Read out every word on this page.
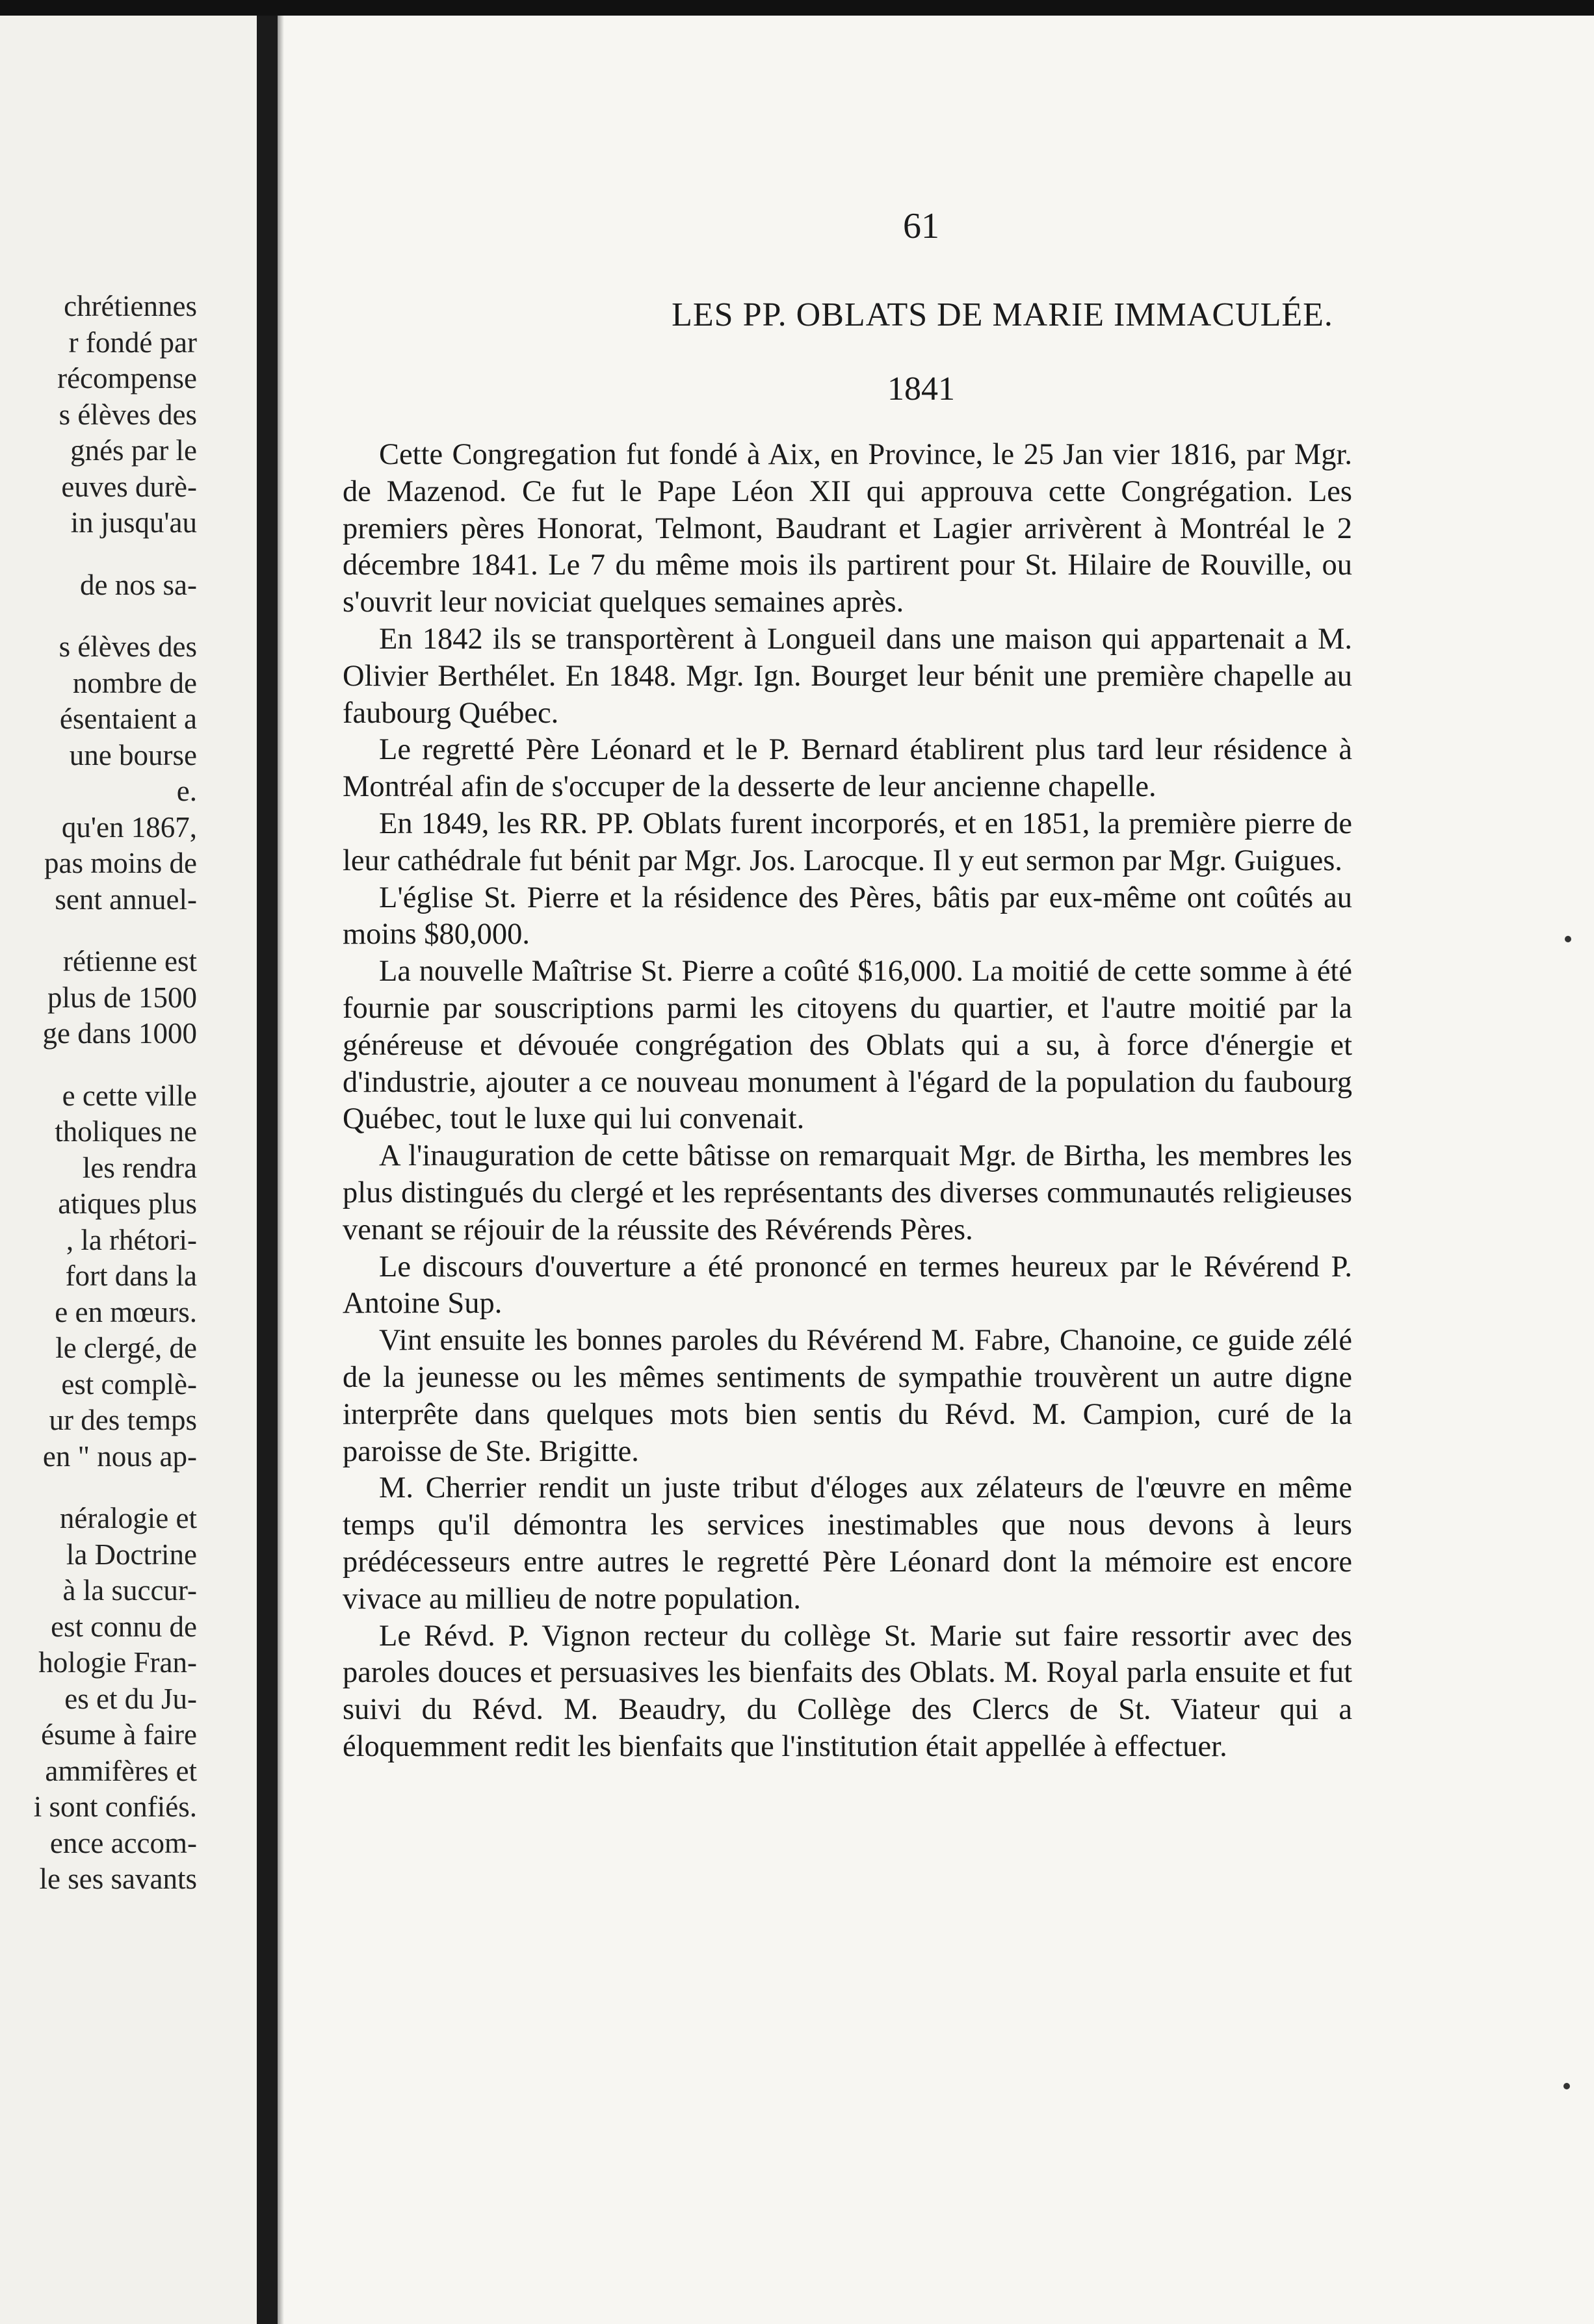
chrétiennes
r fondé par
récompense
s élèves des
gnés par le
euves durè-
in jusqu'au
de nos sa-
s élèves des
nombre de
ésentaient a
une bourse
e.
qu'en 1867,
pas moins de
sent annuel-
rétienne est
plus de 1500
ge dans 1000
e cette ville
tholiques ne
les rendra
atiques plus
, la rhétori-
fort dans la
e en mœurs.
le clergé, de
est complè-
ur des temps
en " nous ap-
néralogie et
la Doctrine
à la succur-
est connu de
hologie Fran-
es et du Ju-
ésume à faire
ammifères et
i sont confiés.
ence accom-
le ses savants
61
LES PP. OBLATS DE MARIE IMMACULÉE.
1841

Cette Congregation fut fondé à Aix, en Province, le 25 Jan vier 1816, par Mgr. de Mazenod. Ce fut le Pape Léon XII qui approuva cette Congrégation. Les premiers pères Honorat, Telmont, Baudrant et Lagier arrivèrent à Montréal le 2 décembre 1841. Le 7 du même mois ils partirent pour St. Hilaire de Rouville, ou s'ouvrit leur noviciat quelques semaines après.

En 1842 ils se transportèrent à Longueil dans une maison qui appartenait a M. Olivier Berthélet. En 1848. Mgr. Ign. Bourget leur bénit une première chapelle au faubourg Québec.

Le regretté Père Léonard et le P. Bernard établirent plus tard leur résidence à Montréal afin de s'occuper de la desserte de leur ancienne chapelle.

En 1849, les RR. PP. Oblats furent incorporés, et en 1851, la première pierre de leur cathédrale fut bénit par Mgr. Jos. Larocque. Il y eut sermon par Mgr. Guigues.

L'église St. Pierre et la résidence des Pères, bâtis par eux-même ont coûtés au moins $80,000.

La nouvelle Maîtrise St. Pierre a coûté $16,000. La moitié de cette somme à été fournie par souscriptions parmi les citoyens du quartier, et l'autre moitié par la généreuse et dévouée congrégation des Oblats qui a su, à force d'énergie et d'industrie, ajouter a ce nouveau monument à l'égard de la population du faubourg Québec, tout le luxe qui lui convenait.

A l'inauguration de cette bâtisse on remarquait Mgr. de Birtha, les membres les plus distingués du clergé et les représentants des diverses communautés religieuses venant se réjouir de la réussite des Révérends Pères.

Le discours d'ouverture a été prononcé en termes heureux par le Révérend P. Antoine Sup.

Vint ensuite les bonnes paroles du Révérend M. Fabre, Chanoine, ce guide zélé de la jeunesse ou les mêmes sentiments de sympathie trouvèrent un autre digne interprête dans quelques mots bien sentis du Révd. M. Campion, curé de la paroisse de Ste. Brigitte.

M. Cherrier rendit un juste tribut d'éloges aux zélateurs de l'œuvre en même temps qu'il démontra les services inestimables que nous devons à leurs prédécesseurs entre autres le regretté Père Léonard dont la mémoire est encore vivace au millieu de notre population.

Le Révd. P. Vignon recteur du collège St. Marie sut faire ressortir avec des paroles douces et persuasives les bienfaits des Oblats. M. Royal parla ensuite et fut suivi du Révd. M. Beaudry, du Collège des Clercs de St. Viateur qui a éloquemment redit les bienfaits que l'institution était appellée à effectuer.
